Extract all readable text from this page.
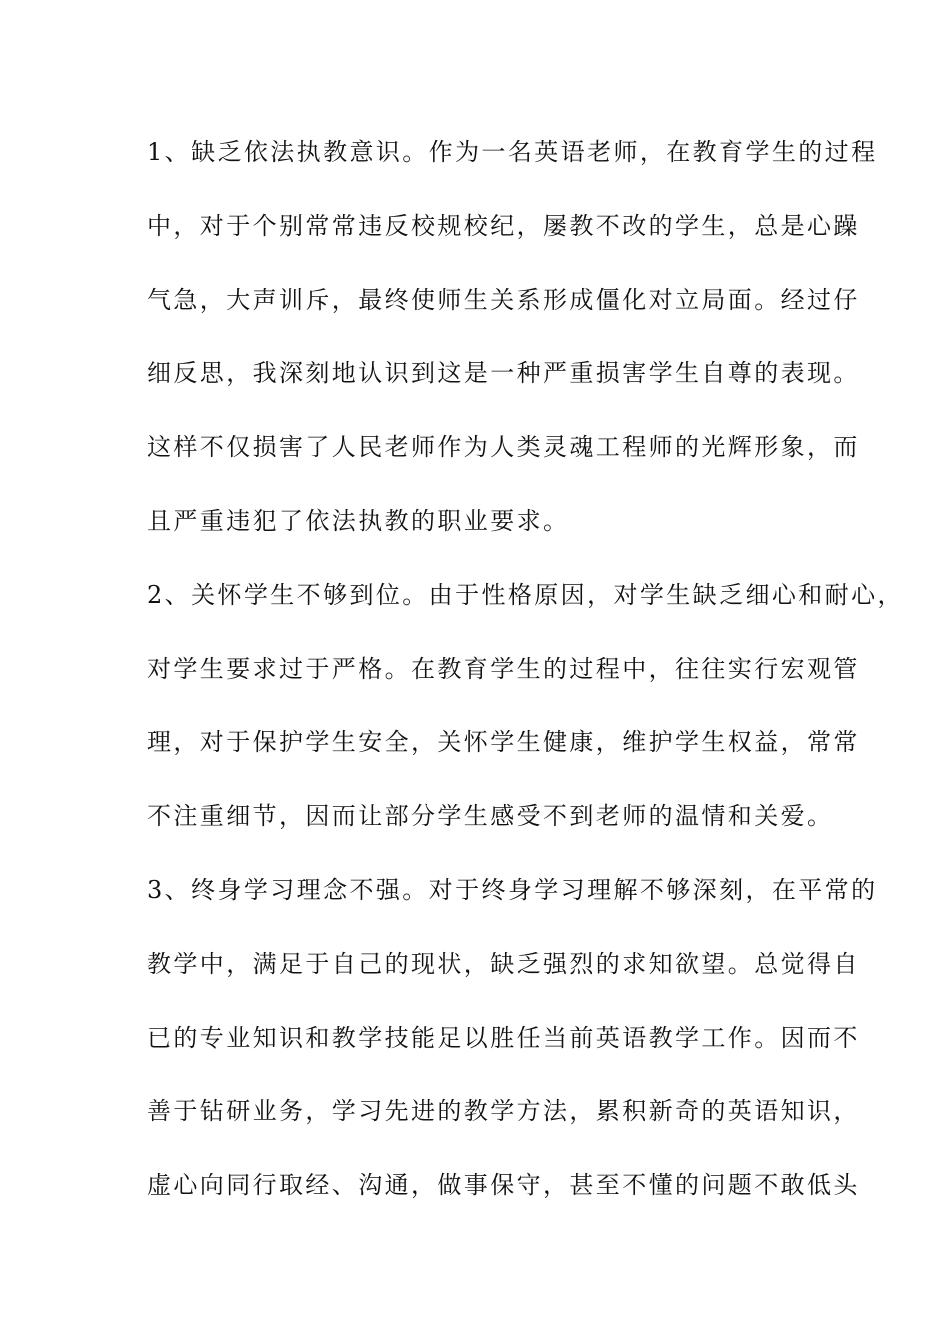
1、缺乏依法执教意识。作为一名英语老师，在教育学生的过程
中，对于个别常常违反校规校纪，屡教不改的学生，总是心躁
气急，大声训斥，最终使师生关系形成僵化对立局面。经过仔
细反思，我深刻地认识到这是一种严重损害学生自尊的表现。
这样不仅损害了人民老师作为人类灵魂工程师的光辉形象，而
且严重违犯了依法执教的职业要求。
2、关怀学生不够到位。由于性格原因，对学生缺乏细心和耐心，
对学生要求过于严格。在教育学生的过程中，往往实行宏观管
理，对于保护学生安全，关怀学生健康，维护学生权益，常常
不注重细节，因而让部分学生感受不到老师的温情和关爱。
3、终身学习理念不强。对于终身学习理解不够深刻，在平常的
教学中，满足于自己的现状，缺乏强烈的求知欲望。总觉得自
已的专业知识和教学技能足以胜任当前英语教学工作。因而不
善于钻研业务，学习先进的教学方法，累积新奇的英语知识，
虚心向同行取经、沟通，做事保守，甚至不懂的问题不敢低头
